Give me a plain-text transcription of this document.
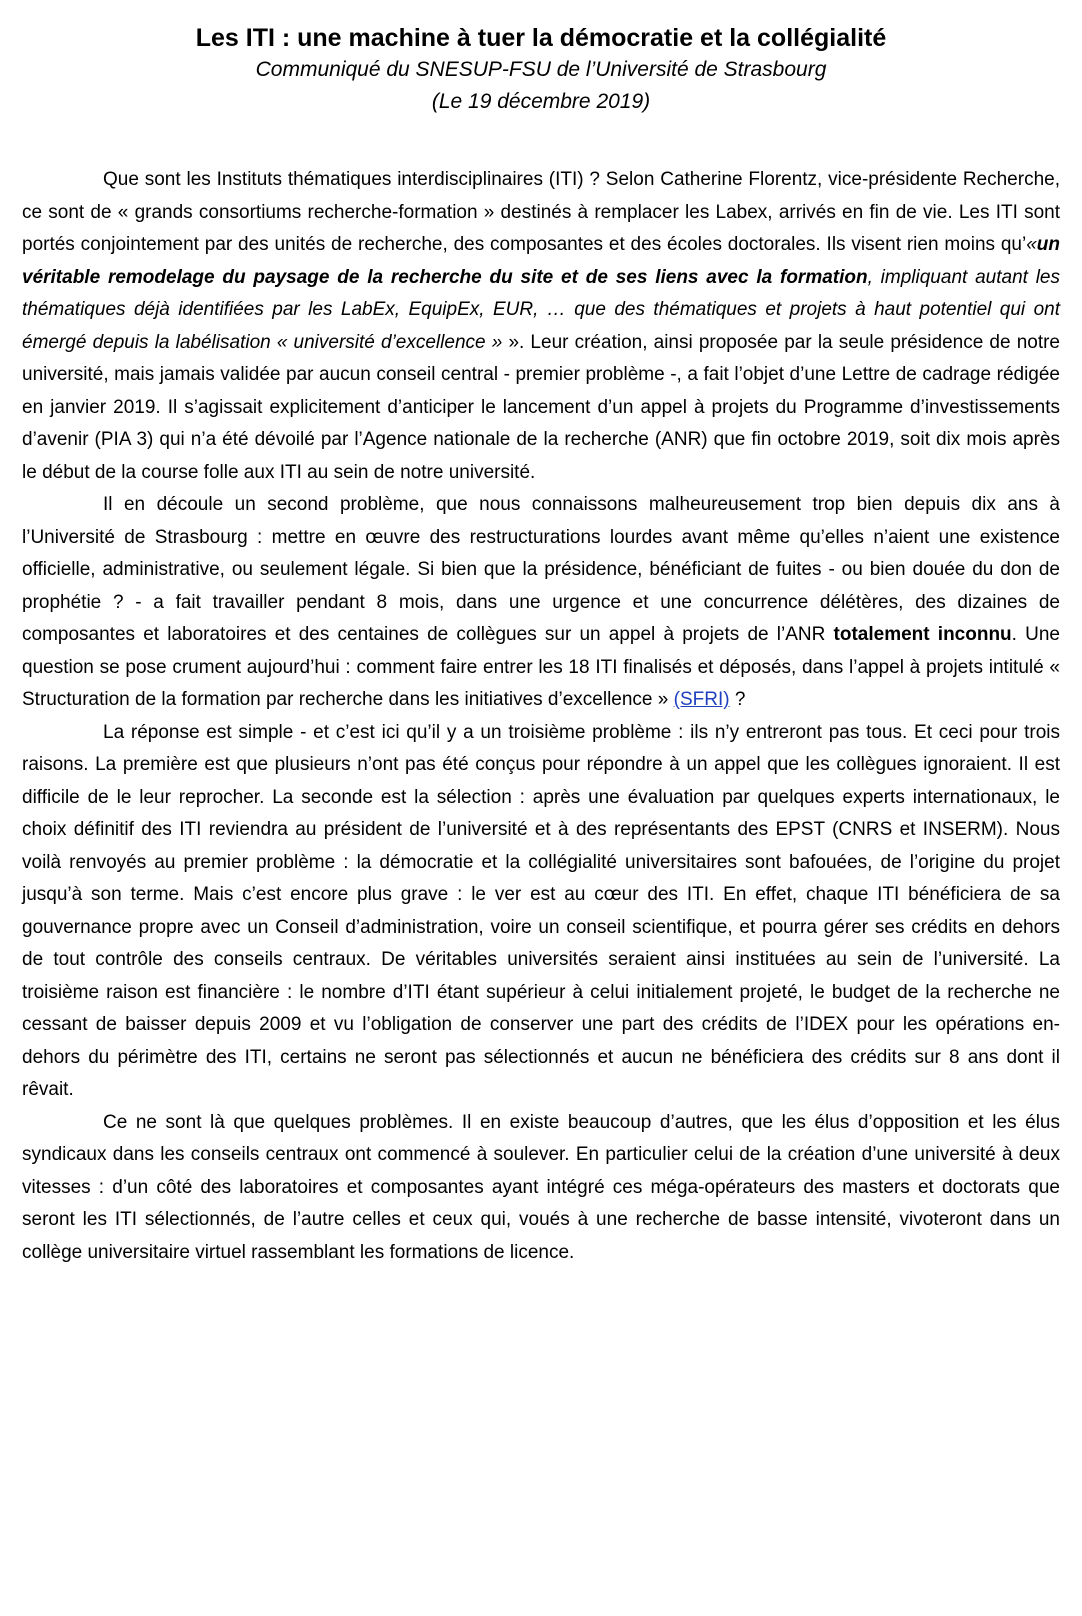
Les ITI : une machine à tuer la démocratie et la collégialité

Communiqué du SNESUP-FSU de l’Université de Strasbourg

(Le 19 décembre 2019)

Que sont les Instituts thématiques interdisciplinaires (ITI) ? Selon Catherine Florentz, vice-présidente Recherche, ce sont de « grands consortiums recherche-formation » destinés à remplacer les Labex, arrivés en fin de vie. Les ITI sont portés conjointement par des unités de recherche, des composantes et des écoles doctorales. Ils visent rien moins qu’«un véritable remodelage du paysage de la recherche du site et de ses liens avec la formation, impliquant autant les thématiques déjà identifiées par les LabEx, EquipEx, EUR, … que des thématiques et projets à haut potentiel qui ont émergé depuis la labélisation « université d’excellence » ». Leur création, ainsi proposée par la seule présidence de notre université, mais jamais validée par aucun conseil central - premier problème -, a fait l’objet d’une Lettre de cadrage rédigée en janvier 2019. Il s’agissait explicitement d’anticiper le lancement d’un appel à projets du Programme d’investissements d’avenir (PIA 3) qui n’a été dévoilé par l’Agence nationale de la recherche (ANR) que fin octobre 2019, soit dix mois après le début de la course folle aux ITI au sein de notre université.

Il en découle un second problème, que nous connaissons malheureusement trop bien depuis dix ans à l’Université de Strasbourg : mettre en œuvre des restructurations lourdes avant même qu’elles n’aient une existence officielle, administrative, ou seulement légale. Si bien que la présidence, bénéficiant de fuites - ou bien douée du don de prophétie ? - a fait travailler pendant 8 mois, dans une urgence et une concurrence délétères, des dizaines de composantes et laboratoires et des centaines de collègues sur un appel à projets de l’ANR totalement inconnu. Une question se pose crument aujourd’hui : comment faire entrer les 18 ITI finalisés et déposés, dans l’appel à projets intitulé « Structuration de la formation par recherche dans les initiatives d’excellence » (SFRI) ?

La réponse est simple - et c’est ici qu’il y a un troisième problème : ils n’y entreront pas tous. Et ceci pour trois raisons. La première est que plusieurs n’ont pas été conçus pour répondre à un appel que les collègues ignoraient. Il est difficile de le leur reprocher. La seconde est la sélection : après une évaluation par quelques experts internationaux, le choix définitif des ITI reviendra au président de l’université et à des représentants des EPST (CNRS et INSERM). Nous voilà renvoyés au premier problème : la démocratie et la collégialité universitaires sont bafouées, de l’origine du projet jusqu’à son terme. Mais c’est encore plus grave : le ver est au cœur des ITI. En effet, chaque ITI bénéficiera de sa gouvernance propre avec un Conseil d’administration, voire un conseil scientifique, et pourra gérer ses crédits en dehors de tout contrôle des conseils centraux. De véritables universités seraient ainsi instituées au sein de l’université. La troisième raison est financière : le nombre d’ITI étant supérieur à celui initialement projeté, le budget de la recherche ne cessant de baisser depuis 2009 et vu l’obligation de conserver une part des crédits de l’IDEX pour les opérations en-dehors du périmètre des ITI, certains ne seront pas sélectionnés et aucun ne bénéficiera des crédits sur 8 ans dont il rêvait.

Ce ne sont là que quelques problèmes. Il en existe beaucoup d’autres, que les élus d’opposition et les élus syndicaux dans les conseils centraux ont commencé à soulever. En particulier celui de la création d’une université à deux vitesses : d’un côté des laboratoires et composantes ayant intégré ces méga-opérateurs des masters et doctorats que seront les ITI sélectionnés, de l’autre celles et ceux qui, voués à une recherche de basse intensité, vivoteront dans un collège universitaire virtuel rassemblant les formations de licence.
